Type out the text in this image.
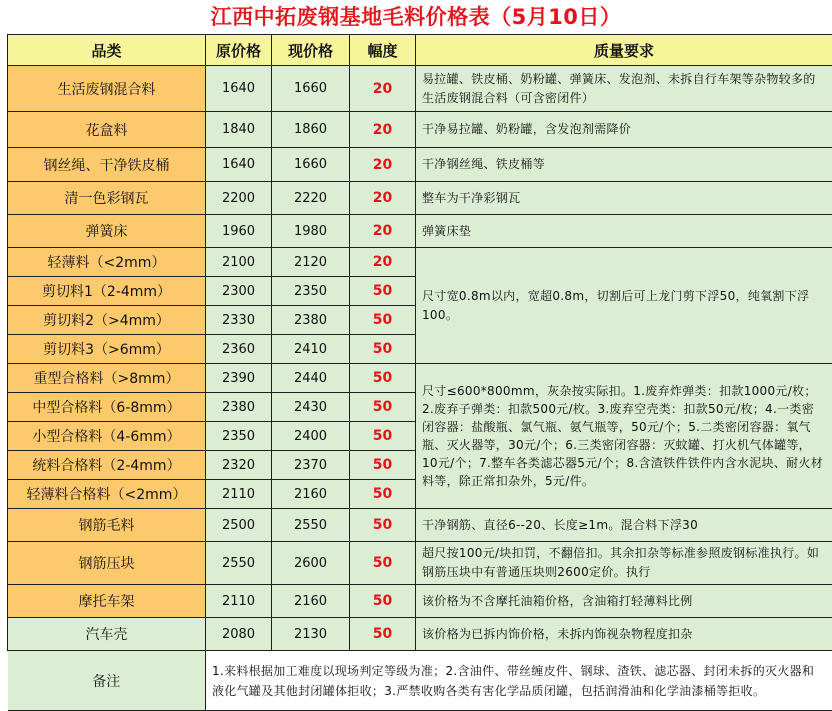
江西中拓废钢基地毛料价格表（5月10日）
品类	原价格	现价格	幅度	质量要求
生活废钢混合料	1640	1660	20	易拉罐、铁皮桶、奶粉罐、弹簧床、发泡剂、未拆自行车架等杂物较多的生活废钢混合料（可含密闭件）
花盒料	1840	1860	20	干净易拉罐、奶粉罐，含发泡剂需降价
钢丝绳、干净铁皮桶	1640	1660	20	干净钢丝绳、铁皮桶等
清一色彩钢瓦	2200	2220	20	整车为干净彩钢瓦
弹簧床	1960	1980	20	弹簧床垫
轻薄料（<2mm）	2100	2120	20	尺寸宽0.8m以内，宽超0.8m，切割后可上龙门剪下浮50，纯氧割下浮100。
剪切料1（2-4mm）	2300	2350	50	
剪切料2（>4mm）	2330	2380	50	
剪切料3（>6mm）	2360	2410	50	
重型合格料（>8mm）	2390	2440	50	尺寸≤600*800mm，灰杂按实际扣。1.废弃炸弹类：扣款1000元/枚；2.废弃子弹类：扣款500元/枚。3.废弃空壳类：扣款50元/枚；4.一类密闭容器：盐酸瓶、氯气瓶、氨气瓶等，50元/个；5.二类密闭容器：氧气瓶、灭火器等，30元/个；6.三类密闭容器：灭蚊罐、打火机气体罐等，10元/个；7.整车各类滤芯器5元/个；8.含渣铁件铁件内含水泥块、耐火材料等，除正常扣杂外，5元/件。
中型合格料（6-8mm）	2380	2430	50	
小型合格料（4-6mm）	2350	2400	50	
统料合格料（2-4mm）	2320	2370	50	
轻薄料合格料（<2mm）	2110	2160	50	
钢筋毛料	2500	2550	50	干净钢筋、直径6--20、长度≥1m。混合料下浮30
钢筋压块	2550	2600	50	超尺按100元/块扣罚，不翻倍扣。其余扣杂等标准参照废钢标准执行。如钢筋压块中有普通压块则2600定价。执行
摩托车架	2110	2160	50	该价格为不含摩托油箱价格，含油箱打轻薄料比例
汽车壳	2080	2130	50	该价格为已拆内饰价格，未拆内饰视杂物程度扣杂
备注	1.来料根据加工难度以现场判定等级为准；2.含油件、带丝缠皮件、钢球、渣铁、滤芯器、封闭未拆的灭火器和液化气罐及其他封闭罐体拒收；3.严禁收购各类有害化学品质闭罐，包括润滑油和化学油漆桶等拒收。			
